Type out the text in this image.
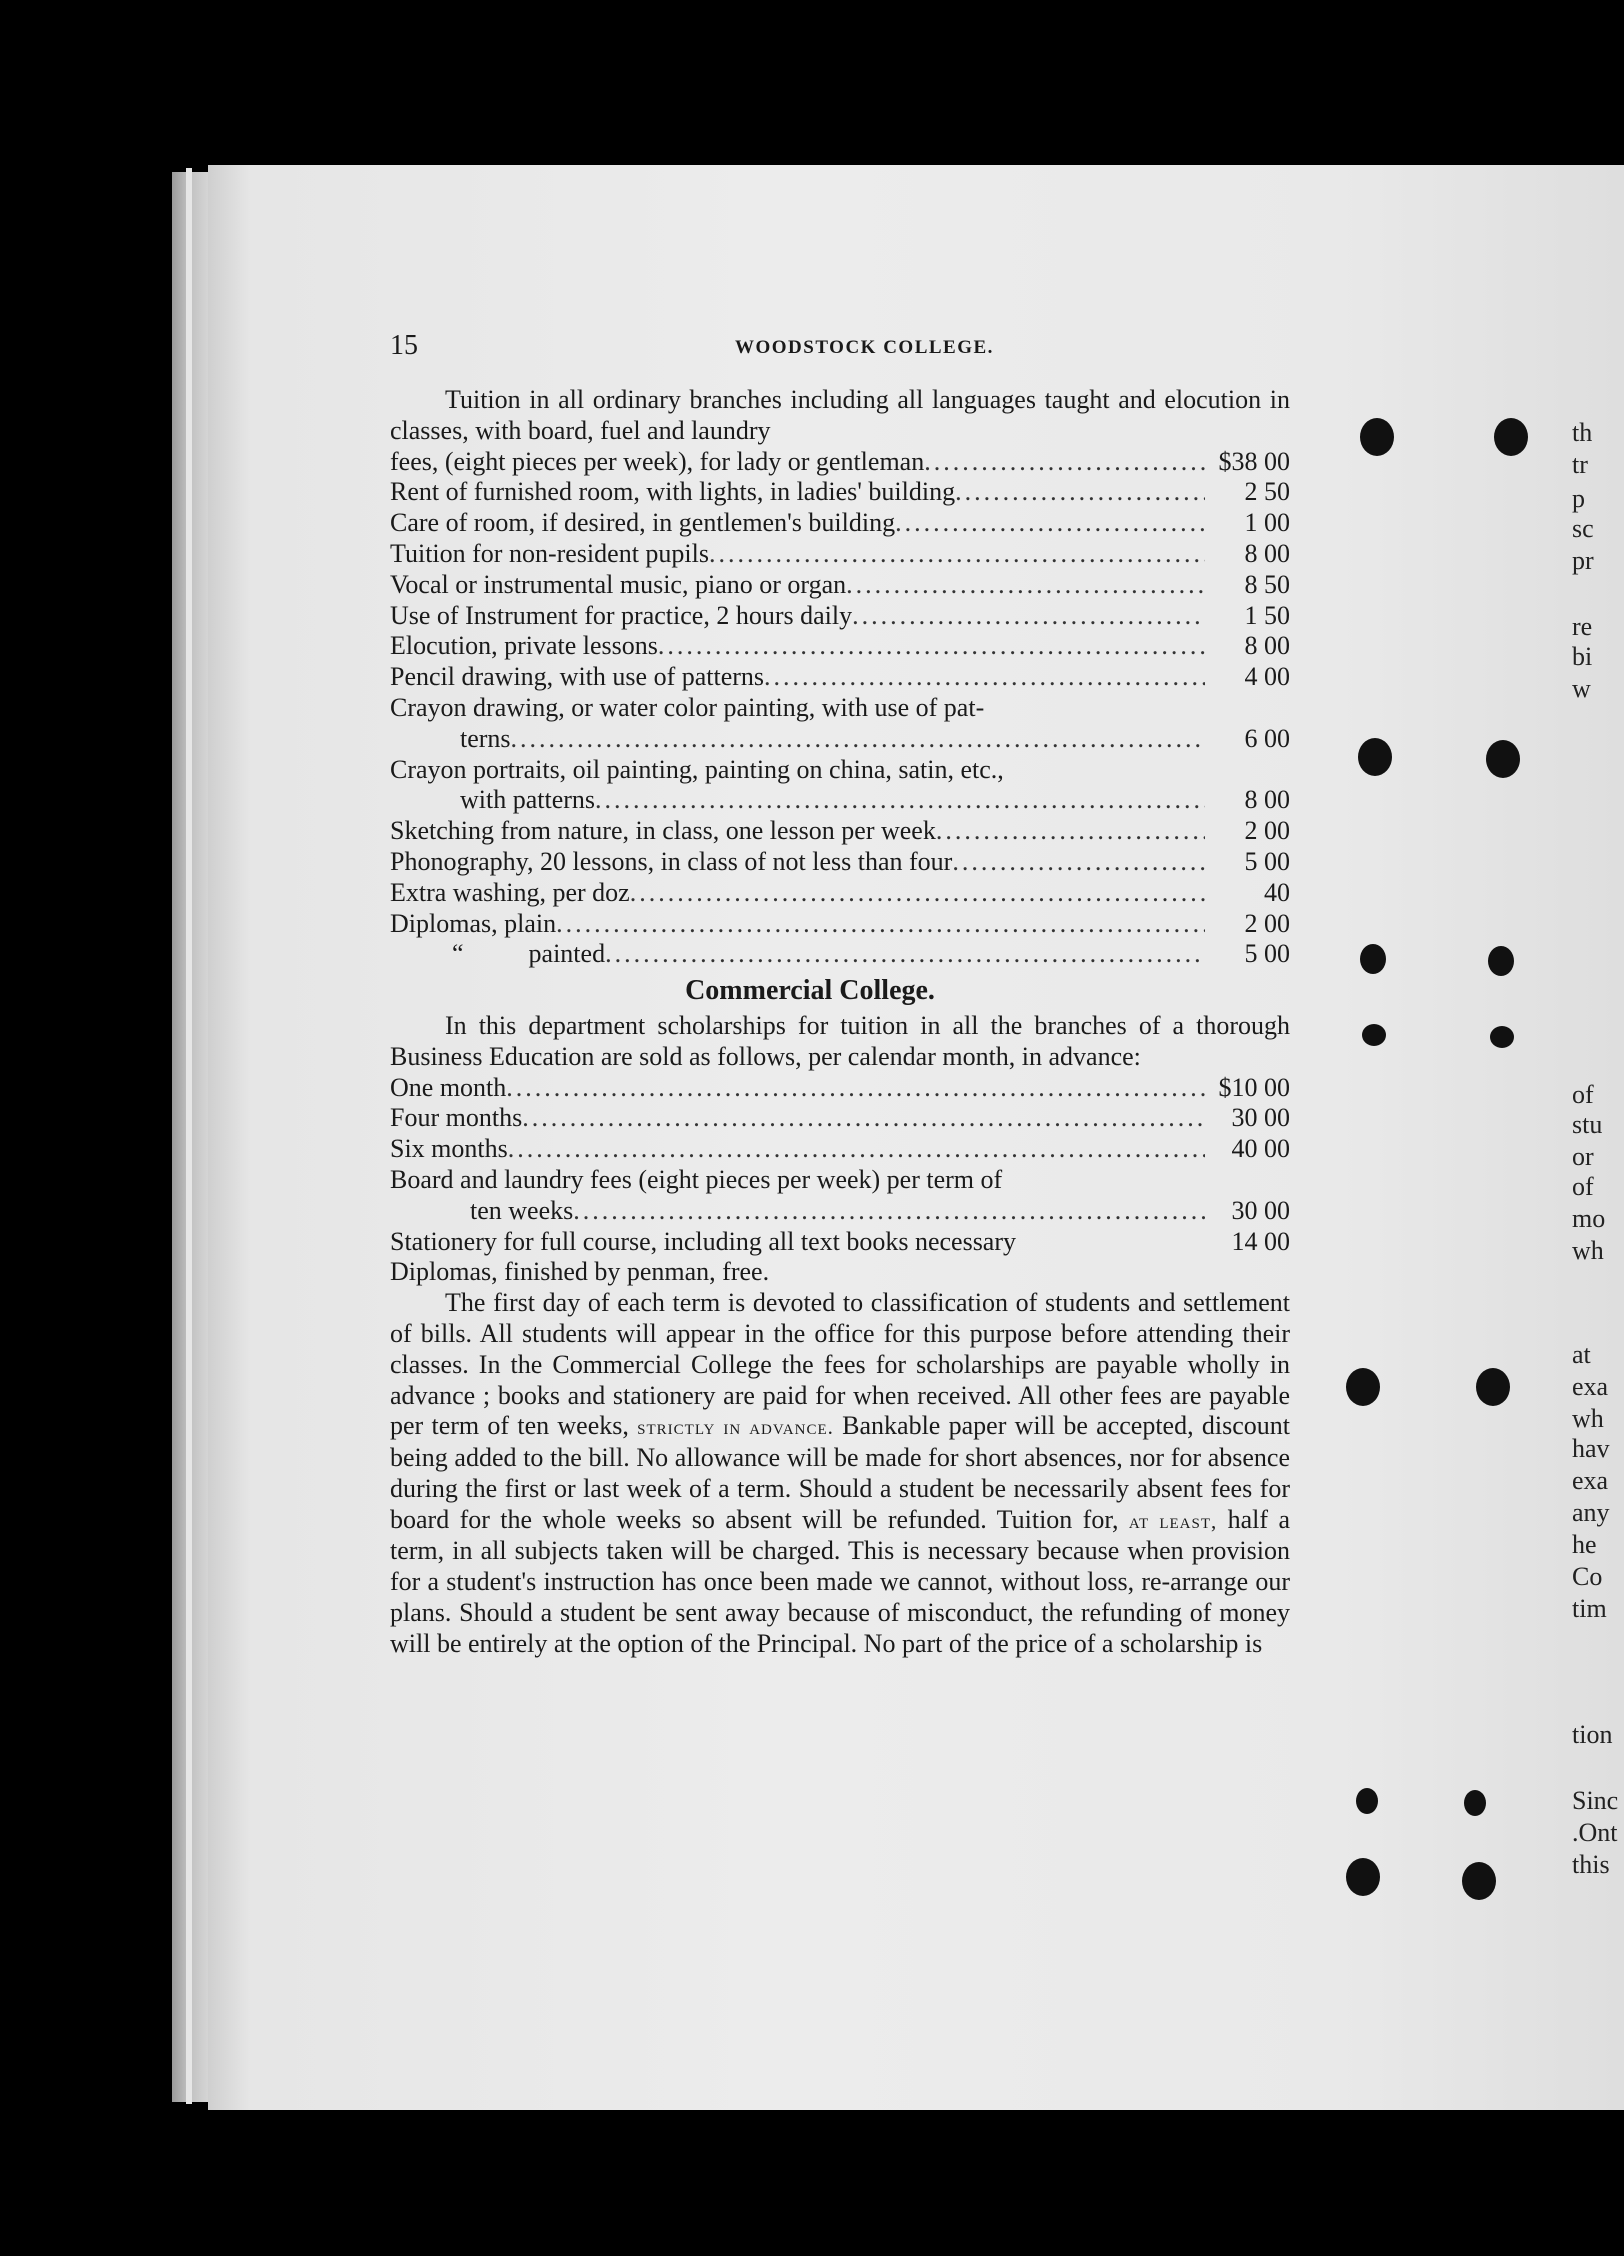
15	WOODSTOCK COLLEGE.

Tuition in all ordinary branches including all languages taught and elocution in classes, with board, fuel and laundry

fees, (eight pieces per week), for lady or gentleman .....	$38 00
Rent of furnished room, with lights, in ladies' building .....	2 50
Care of room, if desired, in gentlemen's building .....	1 00
Tuition for non-resident pupils .....	8 00
Vocal or instrumental music, piano or organ .....	8 50
Use of Instrument for practice, 2 hours daily .....	1 50
Elocution, private lessons .....	8 00
Pencil drawing, with use of patterns .....	4 00
Crayon drawing, or water color painting, with use of pat-
terns .....	6 00
Crayon portraits, oil painting, painting on china, satin, etc.,
with patterns .....	8 00
Sketching from nature, in class, one lesson per week .....	2 00
Phonography, 20 lessons, in class of not less than four .....	5 00
Extra washing, per doz .....	40
Diplomas, plain .....	2 00
“	painted .....	5 00
Commercial College.

In this department scholarships for tuition in all the branches of a thorough Business Education are sold as follows, per calendar month, in advance:

One month .....	$10 00
Four months .....	30 00
Six months .....	40 00
Board and laundry fees (eight pieces per week) per term of
ten weeks .....	30 00
Stationery for full course, including all text books necessary	14 00
Diplomas, finished by penman, free.

The first day of each term is devoted to classification of students and settlement of bills. All students will appear in the office for this purpose before attending their classes. In the Commercial College the fees for scholarships are payable wholly in advance ; books and stationery are paid for when received. All other fees are payable per term of ten weeks, strictly in advance. Bankable paper will be accepted, discount being added to the bill. No allowance will be made for short absences, nor for absence during the first or last week of a term. Should a student be necessarily absent fees for board for the whole weeks so absent will be refunded. Tuition for, at least, half a term, in all subjects taken will be charged. This is necessary because when provision for a student's instruction has once been made we cannot, without loss, re-arrange our plans. Should a student be sent away because of misconduct, the refunding of money will be entirely at the option of the Principal. No part of the price of a scholarship is

th
tr
p
sc
pr
re
bi
w
of
stu
or
of
mo
wh
at
exa
wh
hav
exa
any
he
Co
tim
tion
Sinc
.Ont
this
